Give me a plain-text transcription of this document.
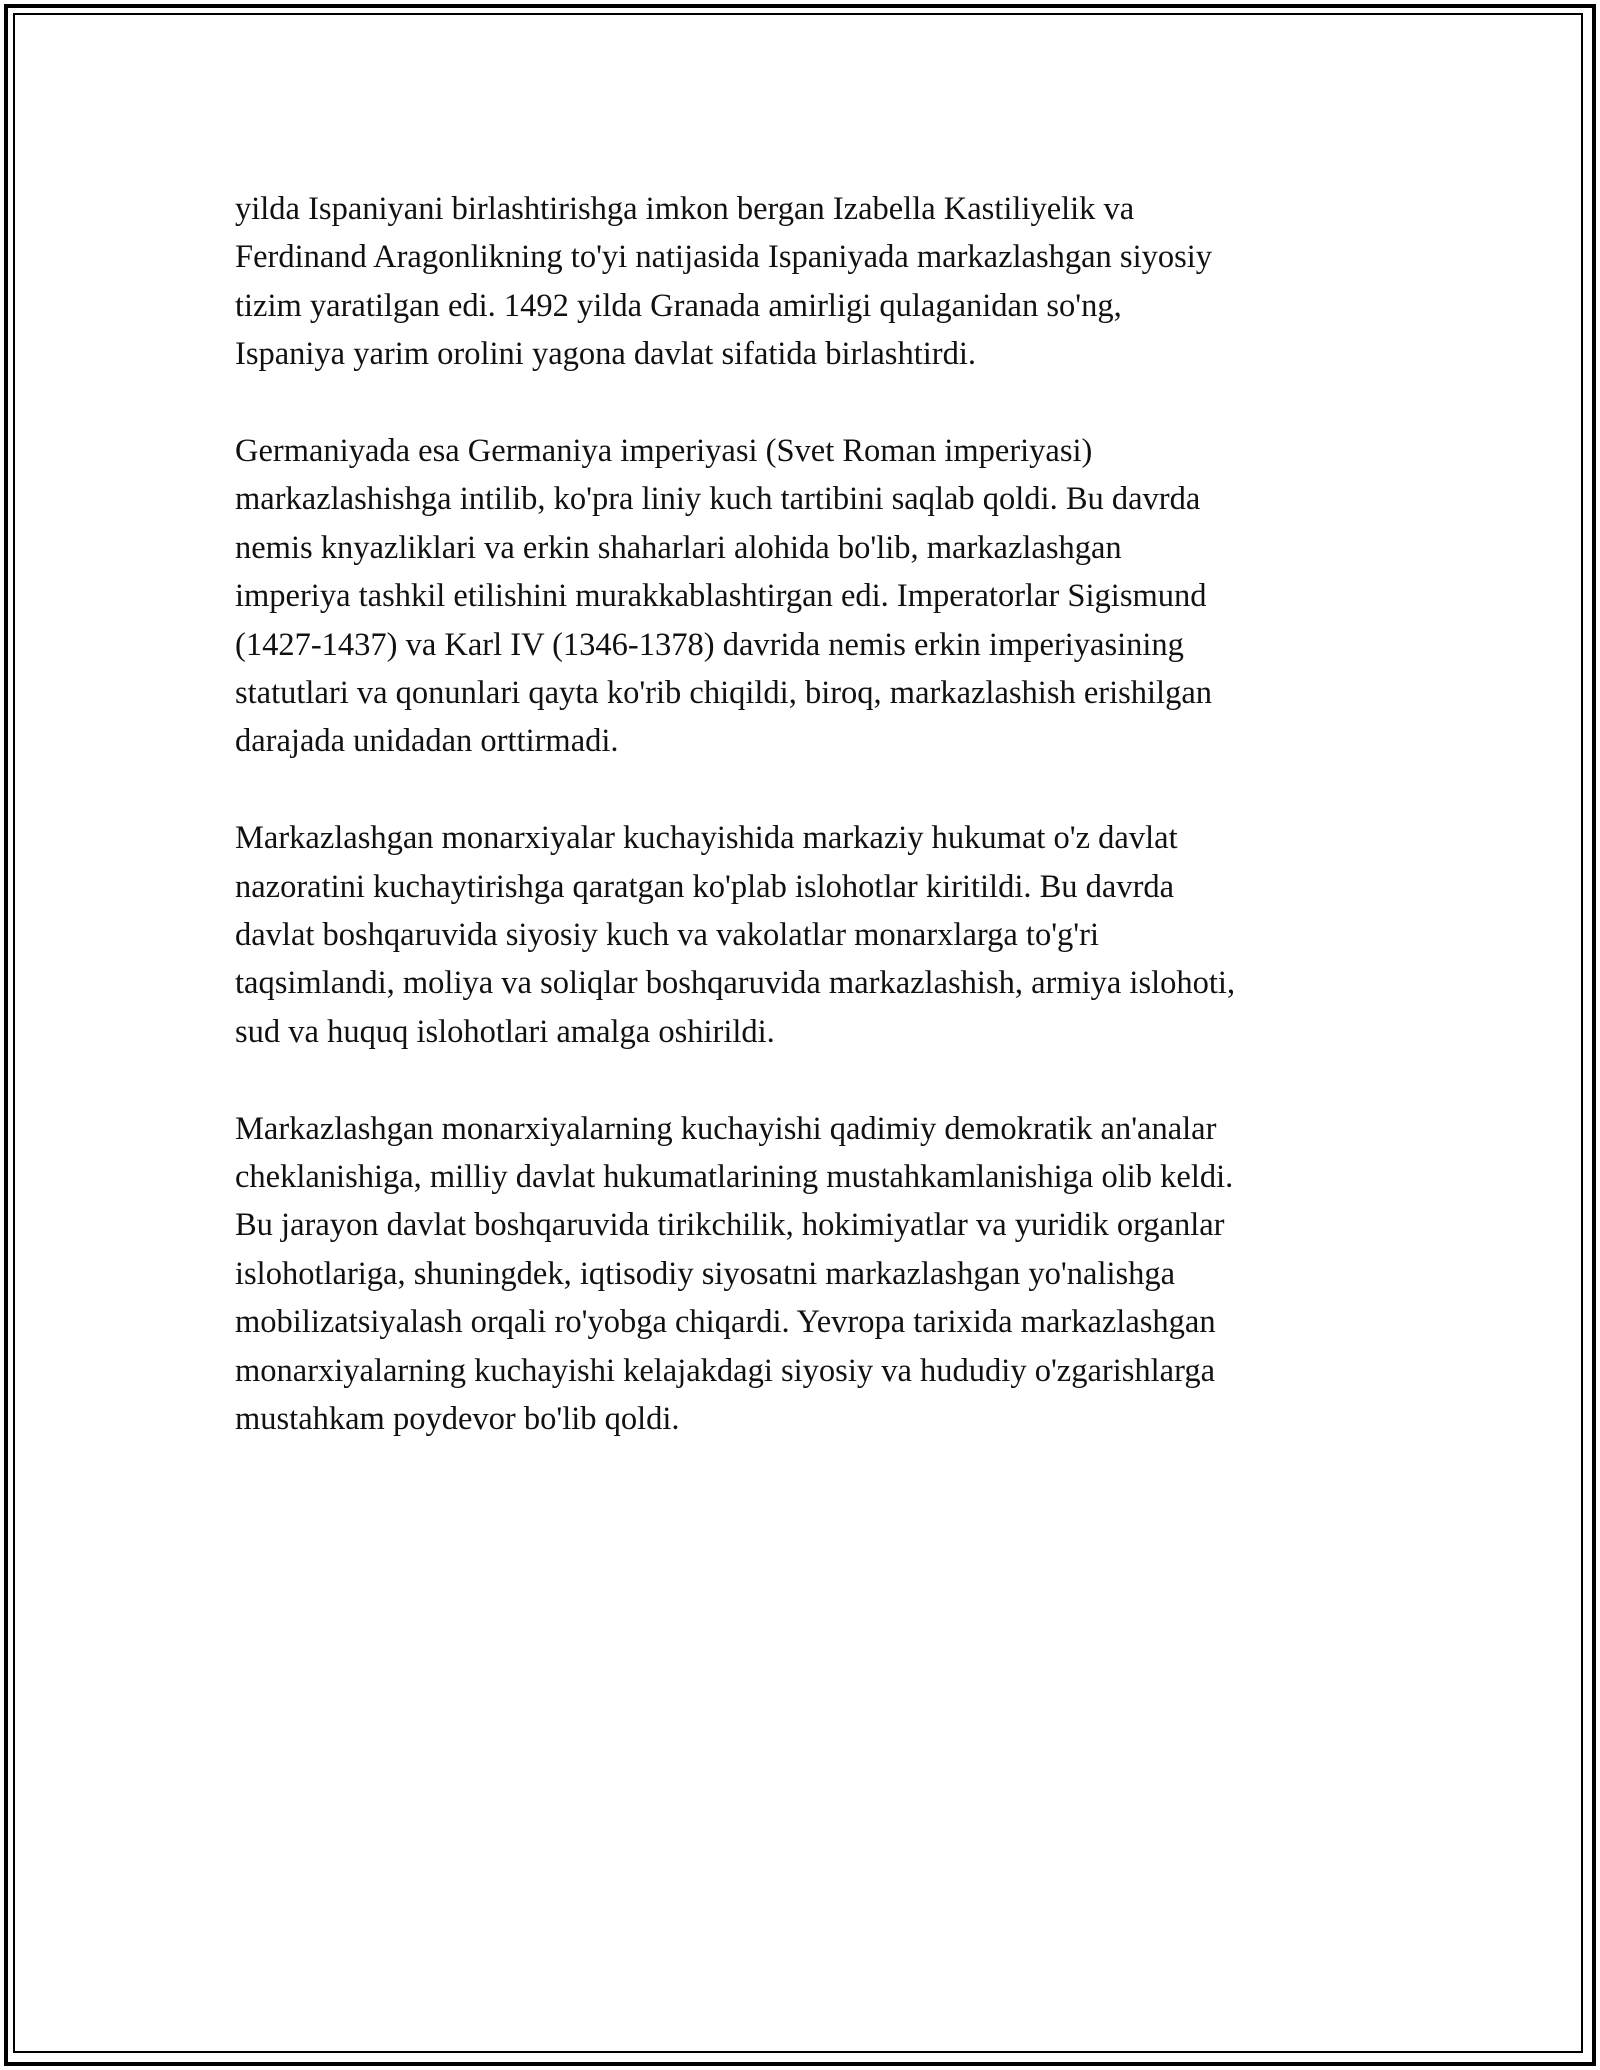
yilda Ispaniyani birlashtirishga imkon bergan Izabella Kastiliyelik va
Ferdinand Aragonlikning to'yi natijasida Ispaniyada markazlashgan siyosiy
tizim yaratilgan edi. 1492 yilda Granada amirligi qulaganidan so'ng,
Ispaniya yarim orolini yagona davlat sifatida birlashtirdi.

Germaniyada esa Germaniya imperiyasi (Svet Roman imperiyasi)
markazlashishga intilib, ko'pra liniy kuch tartibini saqlab qoldi. Bu davrda
nemis knyazliklari va erkin shaharlari alohida bo'lib, markazlashgan
imperiya tashkil etilishini murakkablashtirgan edi. Imperatorlar Sigismund
(1427-1437) va Karl IV (1346-1378) davrida nemis erkin imperiyasining
statutlari va qonunlari qayta ko'rib chiqildi, biroq, markazlashish erishilgan
darajada unidadan orttirmadi.

Markazlashgan monarxiyalar kuchayishida markaziy hukumat o'z davlat
nazoratini kuchaytirishga qaratgan ko'plab islohotlar kiritildi. Bu davrda
davlat boshqaruvida siyosiy kuch va vakolatlar monarxlarga to'g'ri
taqsimlandi, moliya va soliqlar boshqaruvida markazlashish, armiya islohoti,
sud va huquq islohotlari amalga oshirildi.

Markazlashgan monarxiyalarning kuchayishi qadimiy demokratik an'analar
cheklanishiga, milliy davlat hukumatlarining mustahkamlanishiga olib keldi.
Bu jarayon davlat boshqaruvida tirikchilik, hokimiyatlar va yuridik organlar
islohotlariga, shuningdek, iqtisodiy siyosatni markazlashgan yo'nalishga
mobilizatsiyalash orqali ro'yobga chiqardi. Yevropa tarixida markazlashgan
monarxiyalarning kuchayishi kelajakdagi siyosiy va hududiy o'zgarishlarga
mustahkam poydevor bo'lib qoldi.
